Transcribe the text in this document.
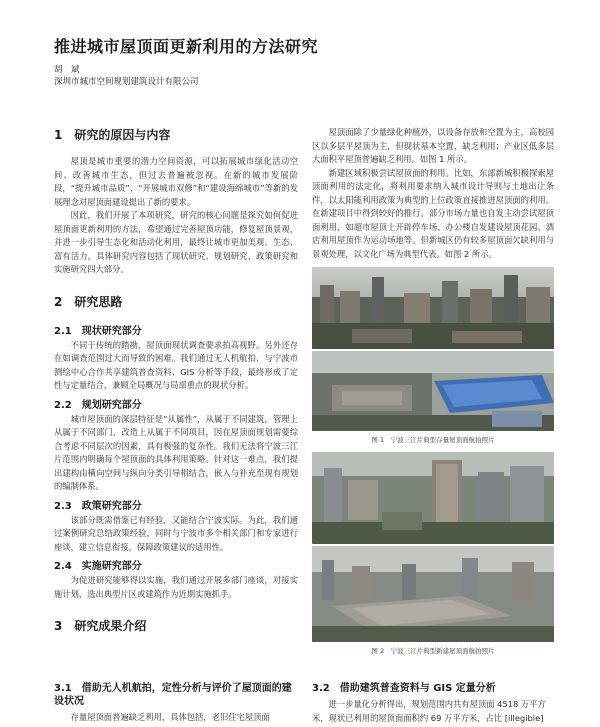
推进城市屋顶面更新利用的方法研究
胡　斌
深圳市城市空间规划建筑设计有限公司
1　研究的原因与内容

屋顶是城市重要的潜力空间资源，可以拓展城市绿化活动空间、改善城市生态，但过去普遍被忽视。在新的城市发展阶段，“提升城市品质”、“开展城市双修”和“建设海绵城市”等新的发展理念对屋顶面建设提出了新的要求。

因此，我们开展了本项研究，研究的核心问题是探究如何促进屋顶面更新利用的方法，希望通过完善屋顶功能，修复屋顶景观，并进一步引导生态化和活动化利用，最终让城市更加美观、生态、富有活力。具体研究内容包括了现状研究、规划研究、政策研究和实施研究四大部分。

2　研究思路
2.1　现状研究部分

不同于传统的踏勘，屋顶面现状调查要求拍高视野。另外还存在如调查范围过大而导致的困难。我们通过无人机航拍、与宁波市测绘中心合作共享建筑普查资料、GIS 分析等手段，最终形成了定性与定量结合，兼顾全局概况与局部重点的现状分析。

2.2　规划研究部分

城市屋顶面的深层特征是“从属性”，从属于不同建筑，管理上从属于不同部门，改造上从属于不同项目，因在屋顶面规划需要综合考虑不同层次的因素，具有极强的复杂性。我们无法将宁波三江片范围内明确每个屋顶面的具体利用策略。针对这一难点，我们提出建构由横向空间与纵向分类引导相结合，嵌入与补充至现有规划的编制体系。

2.3　政策研究部分

该部分既需借鉴已有经验，又能结合宁波实际。为此，我们通过案例研究总结政策经验，同时与宁波市多个相关部门和专家进行座谈，建立信息衔接，保障政策建议的适用性。

2.4　实施研究部分

为促进研究能够得以实施，我们通过开展多部门座谈，对接实施计划，选出典型片区或建筑作为近期实施抓手。

3　研究成果介绍
3.1　借助无人机航拍，定性分析与评价了屋顶面的建设状况

存量屋顶面普遍缺乏利用，具体包括，老旧住宅屋顶面

屋顶面除了少量绿化种植外，以设备存放和空置为主，高校园区以多层平屋顶为主，但现状基本空置，缺乏利用；产业区低多层大面积平屋顶普遍缺乏利用。如图 1 所示。

新建区域积极尝试屋顶面的利用。比如，东部新城积极探索屋顶面利用的法定化，将利用要求纳入城市设计导则与土地出让条件，以太阳能利用政策为典型的上位政策直接推进屋顶面的利用。在新建项目中得到较好的推行。部分市场力量也自发主动尝试屋顶面利用，如超市屋顶上开辟停车场、办公楼自发建设屋顶花园、酒店利用屋顶作为运动场地等。但新城区仍有较多屋顶面欠缺利用与景观处理，以文化广场为典型代表。如图 2 所示。

图 1　宁波三江片典型存量屋顶面航拍照片
图 2　宁波三江片典型新建屋顶面航拍照片
3.2　借助建筑普查资料与 GIS 定量分析

进一步量化分析得出，规划范围内共有屋顶面 4518 万平方米，现状已利用的屋顶面面积约 69 万平方米，占比 [illegible]
